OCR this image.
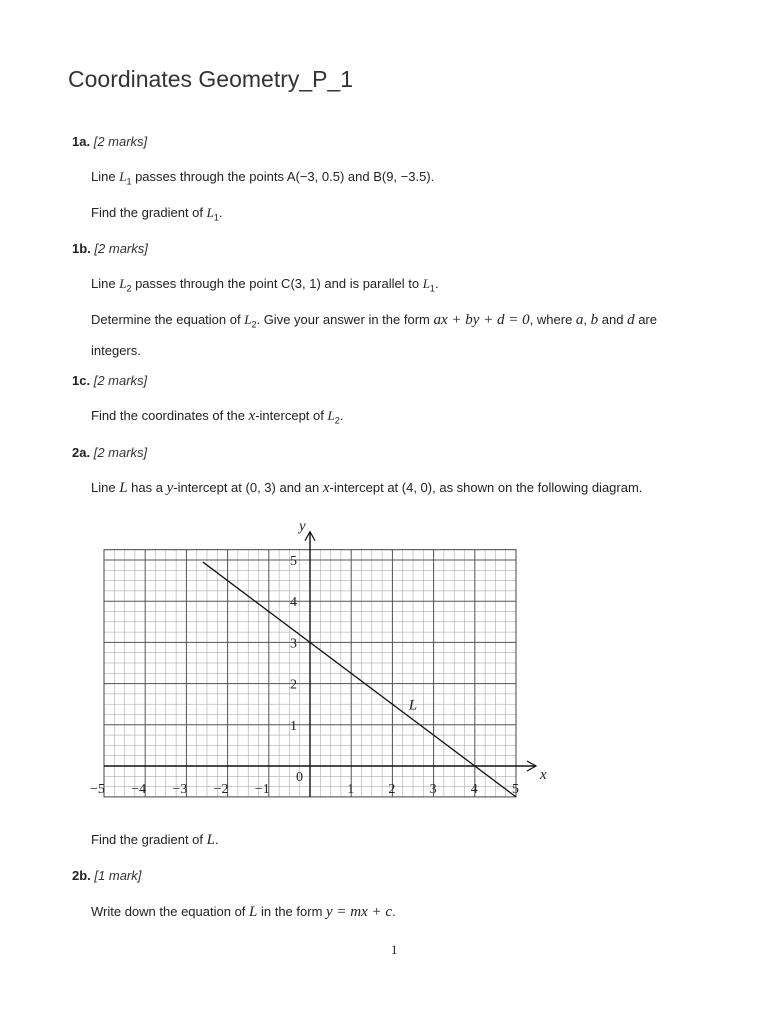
Coordinates Geometry_P_1
1a. [2 marks]
Line $L_1$ passes through the points A(−3, 0.5) and B(9, −3.5).
Find the gradient of $L_1$.
1b. [2 marks]
Line $L_2$ passes through the point C(3, 1) and is parallel to $L_1$.
Determine the equation of $L_2$. Give your answer in the form ax + by + d = 0, where a, b and d are integers.
1c. [2 marks]
Find the coordinates of the x-intercept of $L_2$.
2a. [2 marks]
Line L has a y-intercept at (0, 3) and an x-intercept at (4, 0), as shown on the following diagram.
x
y
−5 −4 −3 −2 −1
0
1 2 3 4 5
1
2
3
4
5
L
Find the gradient of L.
2b. [1 mark]
Write down the equation of L in the form y = mx + c.
1
